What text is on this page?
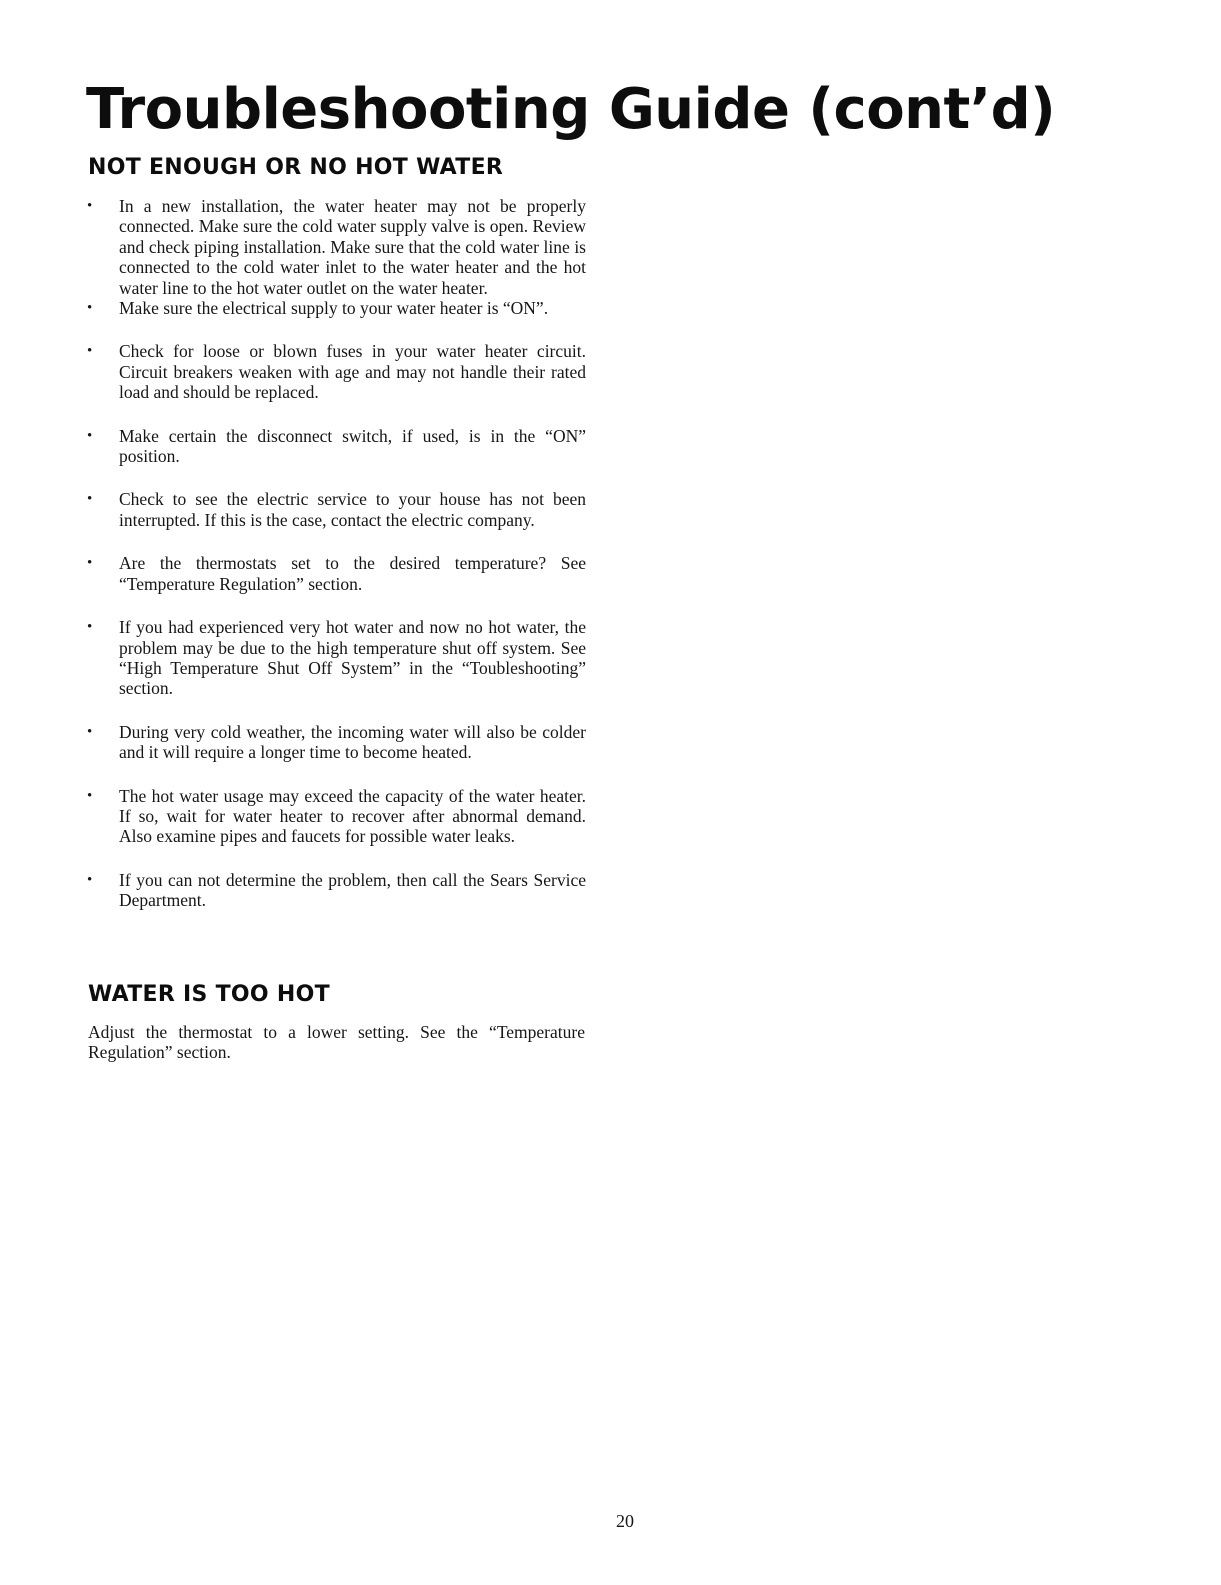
Troubleshooting Guide (cont’d)
NOT ENOUGH OR NO HOT WATER
• In a new installation, the water heater may not be properly connected. Make sure the cold water supply valve is open. Review and check piping installation. Make sure that the cold water line is connected to the cold water inlet to the water heater and the hot water line to the hot water outlet on the water heater.
• Make sure the electrical supply to your water heater is “ON”.
• Check for loose or blown fuses in your water heater circuit. Circuit breakers weaken with age and may not handle their rated load and should be replaced.
• Make certain the disconnect switch, if used, is in the “ON” position.
• Check to see the electric service to your house has not been interrupted. If this is the case, contact the electric company.
• Are the thermostats set to the desired temperature? See “Temperature Regulation” section.
• If you had experienced very hot water and now no hot water, the problem may be due to the high temperature shut off system. See “High Temperature Shut Off System” in the “Toubleshooting” section.
• During very cold weather, the incoming water will also be colder and it will require a longer time to become heated.
• The hot water usage may exceed the capacity of the water heater. If so, wait for water heater to recover after abnormal demand. Also examine pipes and faucets for possible water leaks.
• If you can not determine the problem, then call the Sears Service Department.
WATER IS TOO HOT

Adjust the thermostat to a lower setting. See the “Temperature Regulation” section.

20
